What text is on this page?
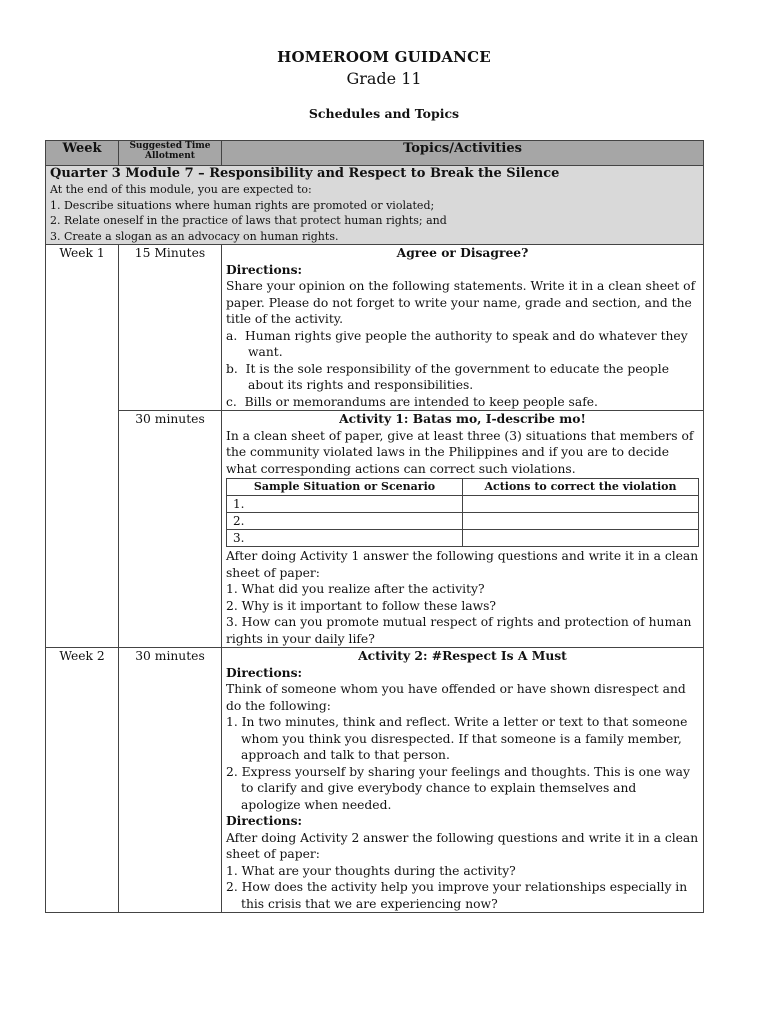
HOMEROOM GUIDANCE
Grade 11
Schedules and Topics
Week	Suggested Time Allotment	Topics/Activities

Quarter 3 Module 7 – Responsibility and Respect to Break the Silence
At the end of this module, you are expected to:
1. Describe situations where human rights are promoted or violated;
2. Relate oneself in the practice of laws that protect human rights; and
3. Create a slogan as an advocacy on human rights.

Week 1	15 Minutes	Agree or Disagree?
Directions:
Share your opinion on the following statements. Write it in a clean sheet of paper. Please do not forget to write your name, grade and section, and the title of the activity.
a.  Human rights give people the authority to speak and do whatever they want.
b.  It is the sole responsibility of the government to educate the people about its rights and responsibilities.
c.  Bills or memorandums are intended to keep people safe.

30 minutes	Activity 1: Batas mo, I-describe mo!
In a clean sheet of paper, give at least three (3) situations that members of the community violated laws in the Philippines and if you are to decide what corresponding actions can correct such violations.
Sample Situation or Scenario	Actions to correct the violation
1.	
2.	
3.	
After doing Activity 1 answer the following questions and write it in a clean sheet of paper:
1. What did you realize after the activity?
2. Why is it important to follow these laws?
3. How can you promote mutual respect of rights and protection of human rights in your daily life?

Week 2	30 minutes	Activity 2: #Respect Is A Must
Directions:
Think of someone whom you have offended or have shown disrespect and do the following:
1. In two minutes, think and reflect. Write a letter or text to that someone whom you think you disrespected. If that someone is a family member, approach and talk to that person.
2. Express yourself by sharing your feelings and thoughts. This is one way to clarify and give everybody chance to explain themselves and apologize when needed.
Directions:
After doing Activity 2 answer the following questions and write it in a clean sheet of paper:
1. What are your thoughts during the activity?
2. How does the activity help you improve your relationships especially in this crisis that we are experiencing now?
